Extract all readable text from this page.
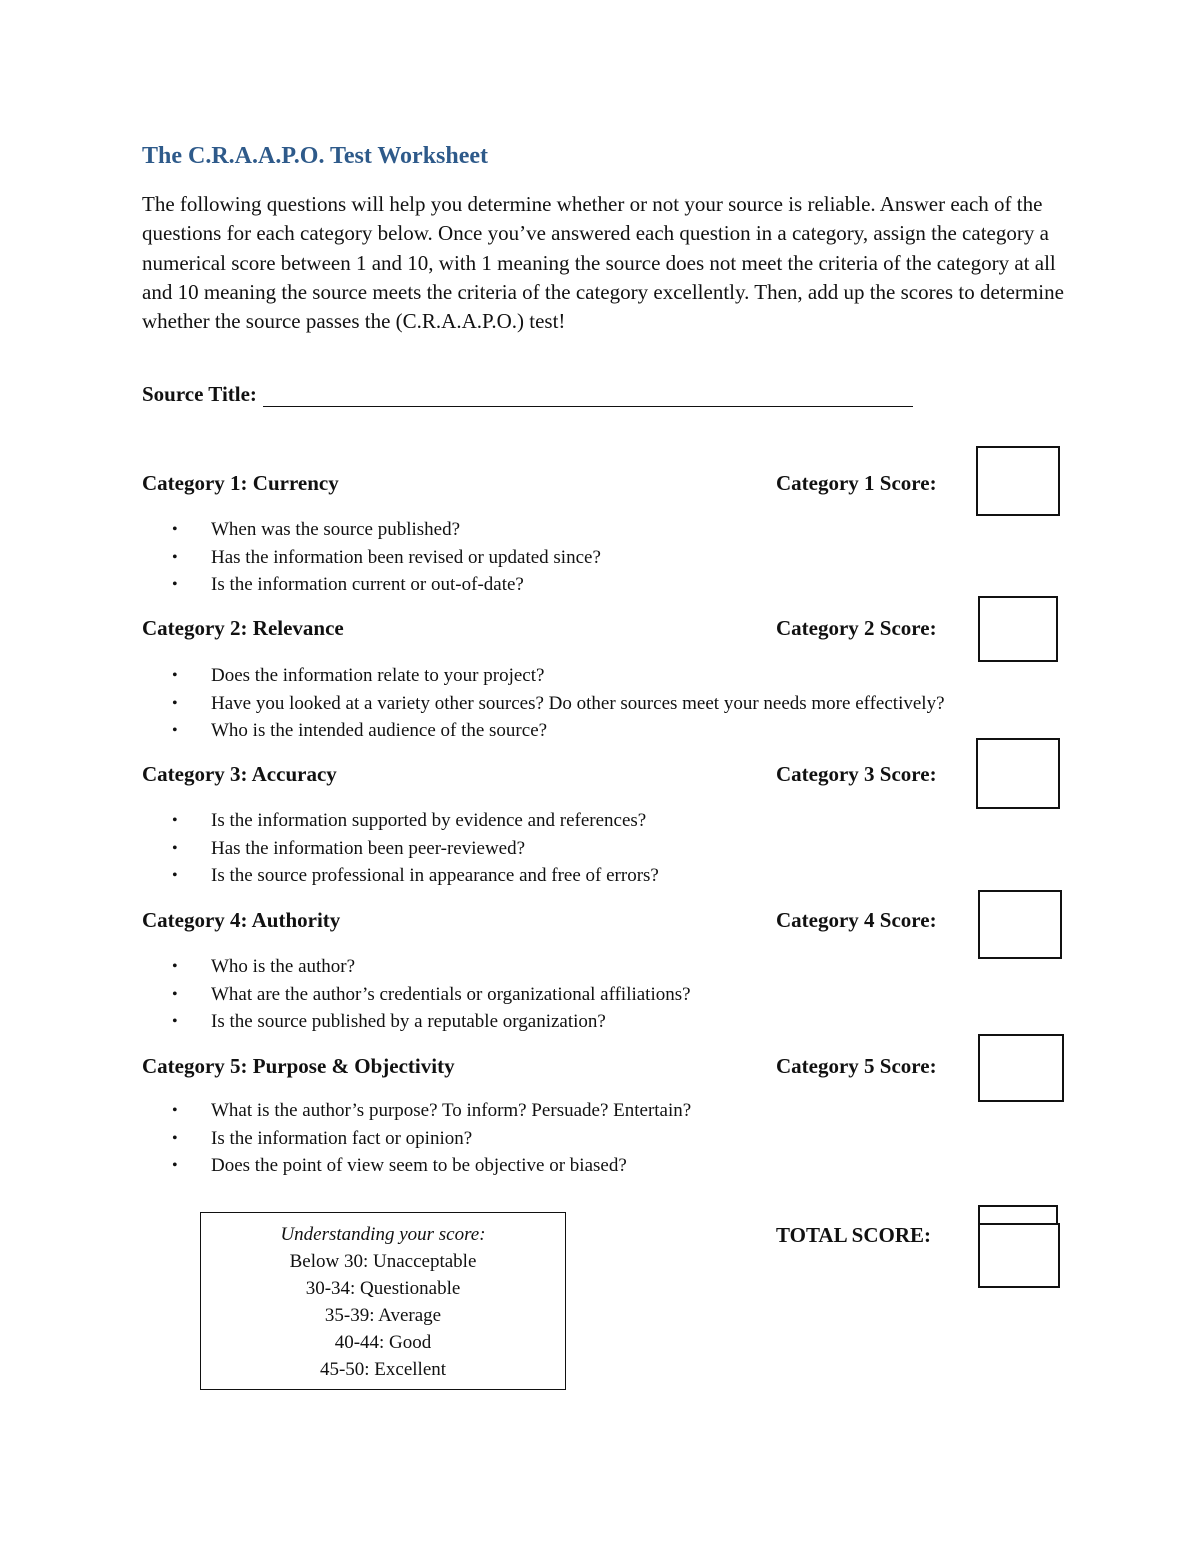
The C.R.A.A.P.O. Test Worksheet

The following questions will help you determine whether or not your source is reliable. Answer each of the questions for each category below. Once you’ve answered each question in a category, assign the category a numerical score between 1 and 10, with 1 meaning the source does not meet the criteria of the category at all and 10 meaning the source meets the criteria of the category excellently. Then, add up the scores to determine whether the source passes the (C.R.A.A.P.O.) test!

Source Title:
Category 1: Currency	Category 1 Score:
• When was the source published?
• Has the information been revised or updated since?
• Is the information current or out-of-date?
Category 2: Relevance	Category 2 Score:
• Does the information relate to your project?
• Have you looked at a variety other sources? Do other sources meet your needs more effectively?
• Who is the intended audience of the source?
Category 3: Accuracy	Category 3 Score:
• Is the information supported by evidence and references?
• Has the information been peer-reviewed?
• Is the source professional in appearance and free of errors?
Category 4: Authority	Category 4 Score:
• Who is the author?
• What are the author’s credentials or organizational affiliations?
• Is the source published by a reputable organization?
Category 5: Purpose & Objectivity	Category 5 Score:
• What is the author’s purpose? To inform? Persuade? Entertain?
• Is the information fact or opinion?
• Does the point of view seem to be objective or biased?
Understanding your score:
Below 30: Unacceptable
30-34: Questionable
35-39: Average
40-44: Good
45-50: Excellent
TOTAL SCORE:
